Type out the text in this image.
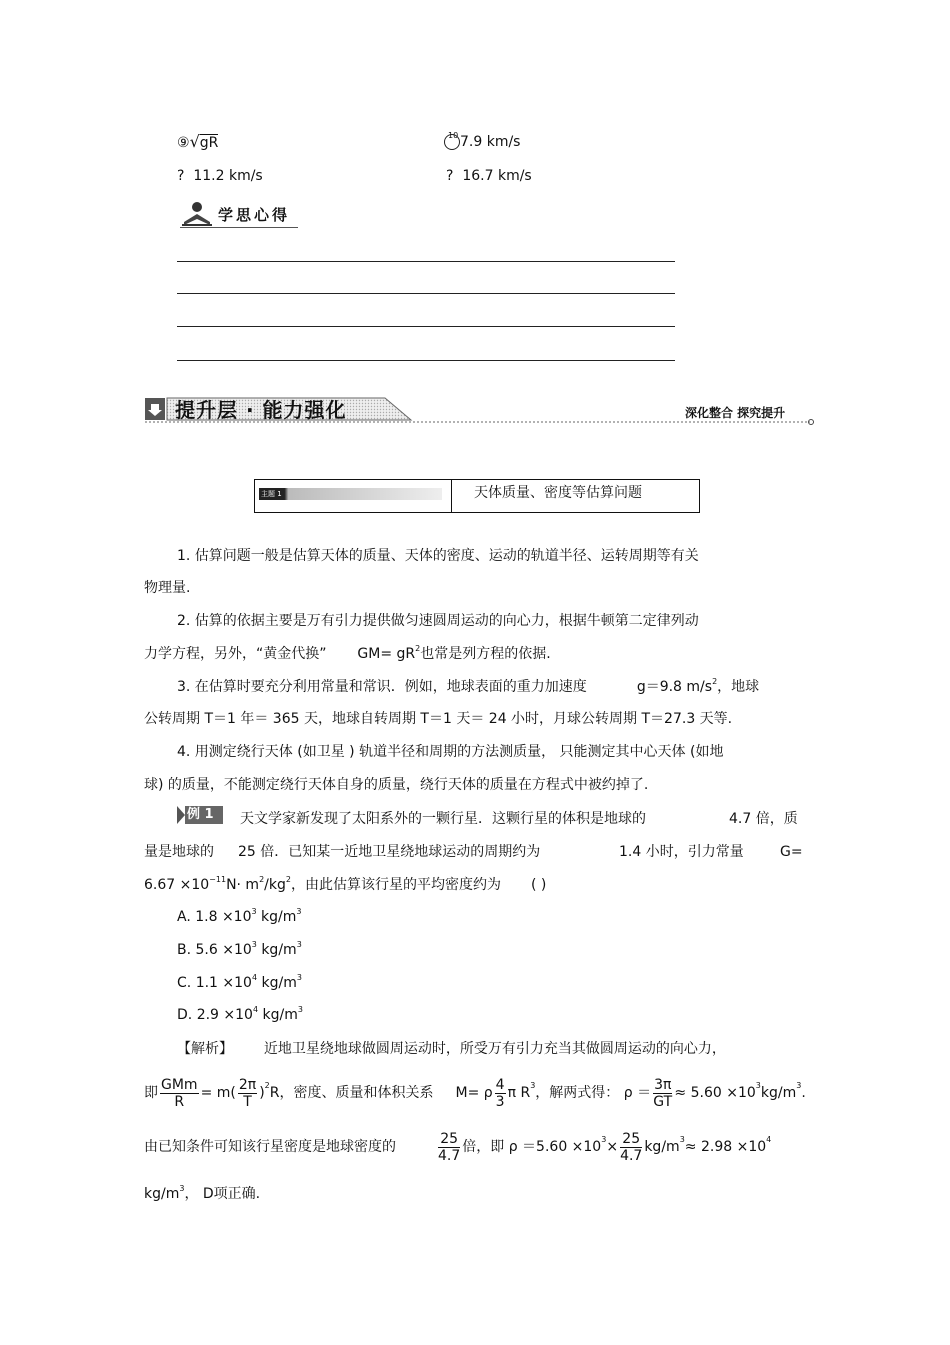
⑨√gR	10 7.9 km/s
? 11.2 km/s	? 16.7 km/s
学思心得
提升层 · 能力强化	深化整合 探究提升
主题 1	天体质量、密度等估算问题
1. 估算问题一般是估算天体的质量、天体的密度、运动的轨道半径、运转周期等有关
物理量.
2. 估算的依据主要是万有引力提供做匀速圆周运动的向心力，根据牛顿第二定律列动
力学方程，另外，“黄金代换” $GM= gR^2$也常是列方程的依据.
3. 在估算时要充分利用常量和常识．例如，地球表面的重力加速度	g＝9.8 $m/s^2$，地球
公转周期 T＝1 年＝ 365 天，地球自转周期 T＝1 天＝ 24 小时，月球公转周期 T＝27.3 天等.
4. 用测定绕行天体 (如卫星 ) 轨道半径和周期的方法测质量， 只能测定其中心天体 (如地
球) 的质量，不能测定绕行天体自身的质量，绕行天体的质量在方程式中被约掉了.
例 1 天文学家新发现了太阳系外的一颗行星．这颗行星的体积是地球的	4.7 倍，质
量是地球的 25 倍．已知某一近地卫星绕地球运动的周期约为	1.4 小时，引力常量	G=
$6.67 \times 10^{-11}N\cdot m^2/kg^2$，由此估算该行星的平均密度约为 ( )
A. $1.8 \times 10^3$ $kg/m^3$
B. $5.6 \times 10^3$ $kg/m^3$
C. $1.1 \times 10^4$ $kg/m^3$
D. $2.9 \times 10^4$ $kg/m^3$
【解析】 近地卫星绕地球做圆周运动时，所受万有引力充当其做圆周运动的向心力，
即 $\frac{\text{GMm}}{R} = m( \frac{2\pi}{T}$ ) 2 R，密度、质量和体积关系 M= ρ $\frac{4}{3}$ π R 3 ，解两式得： $\rho = \frac{3\pi}{GT} \approx 5.60 \times 10$ 3 kg/m 3 .
由已知条件可知该行星密度是地球密度的	$\frac{25}{4.7}$ 倍，即 ρ ＝5.60 ×10 $3 \times \frac{25}{4.7} kg/m$ 3 ≈ 2.98 ×10 4
$kg/m^3$， D项正确.
